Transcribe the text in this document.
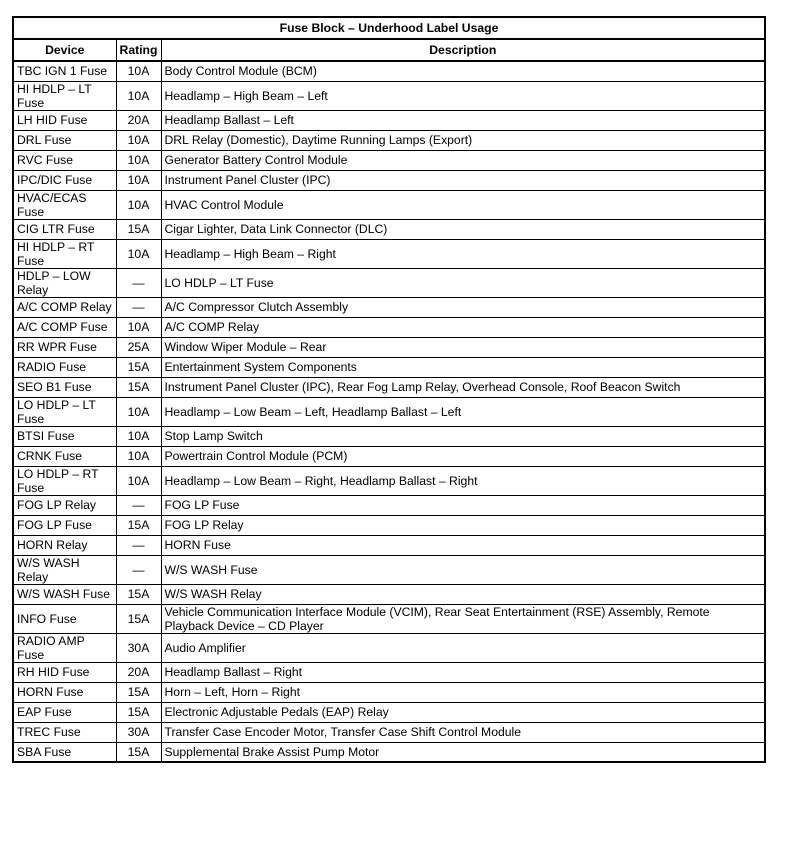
Fuse Block – Underhood Label Usage		
Device	Rating	Description
TBC IGN 1 Fuse	10A	Body Control Module (BCM)
HI HDLP – LT Fuse	10A	Headlamp – High Beam – Left
LH HID Fuse	20A	Headlamp Ballast – Left
DRL Fuse	10A	DRL Relay (Domestic), Daytime Running Lamps (Export)
RVC Fuse	10A	Generator Battery Control Module
IPC/DIC Fuse	10A	Instrument Panel Cluster (IPC)
HVAC/ECAS Fuse	10A	HVAC Control Module
CIG LTR Fuse	15A	Cigar Lighter, Data Link Connector (DLC)
HI HDLP – RT Fuse	10A	Headlamp – High Beam – Right
HDLP – LOW Relay	—	LO HDLP – LT Fuse
A/C COMP Relay	—	A/C Compressor Clutch Assembly
A/C COMP Fuse	10A	A/C COMP Relay
RR WPR Fuse	25A	Window Wiper Module – Rear
RADIO Fuse	15A	Entertainment System Components
SEO B1 Fuse	15A	Instrument Panel Cluster (IPC), Rear Fog Lamp Relay, Overhead Console, Roof Beacon Switch
LO HDLP – LT Fuse	10A	Headlamp – Low Beam – Left, Headlamp Ballast – Left
BTSI Fuse	10A	Stop Lamp Switch
CRNK Fuse	10A	Powertrain Control Module (PCM)
LO HDLP – RT Fuse	10A	Headlamp – Low Beam – Right, Headlamp Ballast – Right
FOG LP Relay	—	FOG LP Fuse
FOG LP Fuse	15A	FOG LP Relay
HORN Relay	—	HORN Fuse
W/S WASH Relay	—	W/S WASH Fuse
W/S WASH Fuse	15A	W/S WASH Relay
INFO Fuse	15A	Vehicle Communication Interface Module (VCIM), Rear Seat Entertainment (RSE) Assembly, Remote Playback Device – CD Player
RADIO AMP Fuse	30A	Audio Amplifier
RH HID Fuse	20A	Headlamp Ballast – Right
HORN Fuse	15A	Horn – Left, Horn – Right
EAP Fuse	15A	Electronic Adjustable Pedals (EAP) Relay
TREC Fuse	30A	Transfer Case Encoder Motor, Transfer Case Shift Control Module
SBA Fuse	15A	Supplemental Brake Assist Pump Motor
